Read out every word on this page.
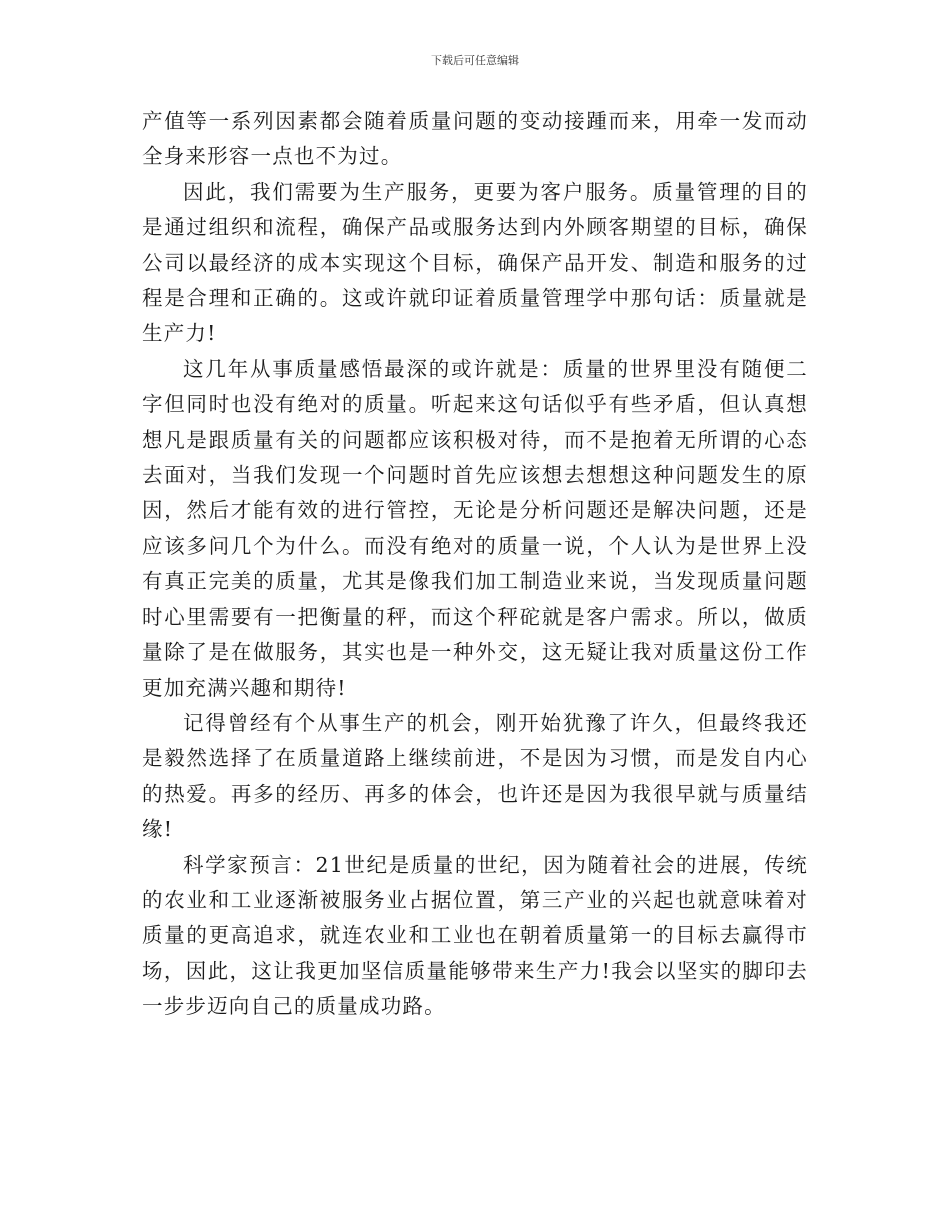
下载后可任意编辑

产值等一系列因素都会随着质量问题的变动接踵而来，用牵一发而动全身来形容一点也不为过。

因此，我们需要为生产服务，更要为客户服务。质量管理的目的是通过组织和流程，确保产品或服务达到内外顾客期望的目标，确保公司以最经济的成本实现这个目标，确保产品开发、制造和服务的过程是合理和正确的。这或许就印证着质量管理学中那句话：质量就是生产力!

这几年从事质量感悟最深的或许就是：质量的世界里没有随便二字但同时也没有绝对的质量。听起来这句话似乎有些矛盾，但认真想想凡是跟质量有关的问题都应该积极对待，而不是抱着无所谓的心态去面对，当我们发现一个问题时首先应该想去想想这种问题发生的原因，然后才能有效的进行管控，无论是分析问题还是解决问题，还是应该多问几个为什么。而没有绝对的质量一说，个人认为是世界上没有真正完美的质量，尤其是像我们加工制造业来说，当发现质量问题时心里需要有一把衡量的秤，而这个秤砣就是客户需求。所以，做质量除了是在做服务，其实也是一种外交，这无疑让我对质量这份工作更加充满兴趣和期待!

记得曾经有个从事生产的机会，刚开始犹豫了许久，但最终我还是毅然选择了在质量道路上继续前进，不是因为习惯，而是发自内心的热爱。再多的经历、再多的体会，也许还是因为我很早就与质量结缘!

科学家预言：21世纪是质量的世纪，因为随着社会的进展，传统的农业和工业逐渐被服务业占据位置，第三产业的兴起也就意味着对质量的更高追求，就连农业和工业也在朝着质量第一的目标去赢得市场，因此，这让我更加坚信质量能够带来生产力!我会以坚实的脚印去一步步迈向自己的质量成功路。
